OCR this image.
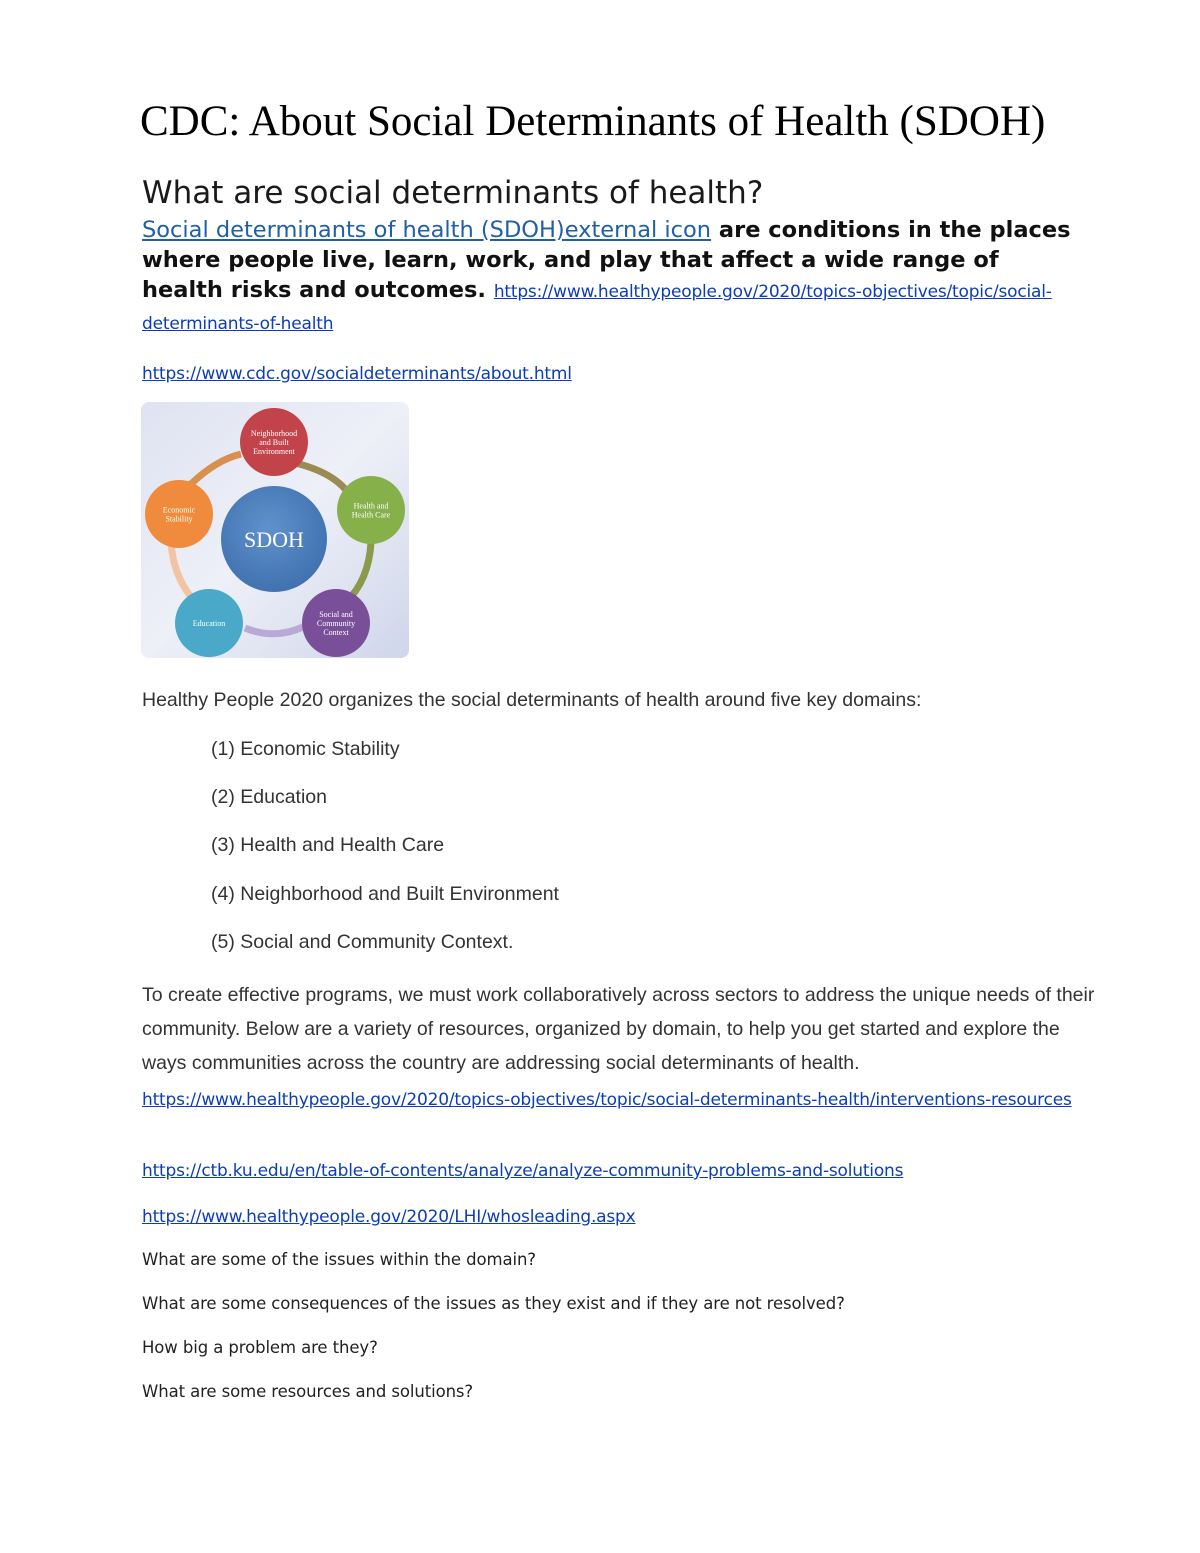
CDC: About Social Determinants of Health (SDOH)
What are social determinants of health?
Social determinants of health (SDOH)external icon are conditions in the places where people live, learn, work, and play that affect a wide range of health risks and outcomes. https://www.healthypeople.gov/2020/topics-objectives/topic/social-determinants-of-health
https://www.cdc.gov/socialdeterminants/about.html
SDOH
Neighborhood
and Built
Environment
Health and
Health Care
Social and
Community
Context
Education
Economic
Stability
Healthy People 2020 organizes the social determinants of health around five key domains:
(1) Economic Stability
(2) Education
(3) Health and Health Care
(4) Neighborhood and Built Environment
(5) Social and Community Context.
To create effective programs, we must work collaboratively across sectors to address the unique needs of their community. Below are a variety of resources, organized by domain, to help you get started and explore the ways communities across the country are addressing social determinants of health.
https://www.healthypeople.gov/2020/topics-objectives/topic/social-determinants-health/interventions-resources
https://ctb.ku.edu/en/table-of-contents/analyze/analyze-community-problems-and-solutions
https://www.healthypeople.gov/2020/LHI/whosleading.aspx
What are some of the issues within the domain?
What are some consequences of the issues as they exist and if they are not resolved?
How big a problem are they?
What are some resources and solutions?
